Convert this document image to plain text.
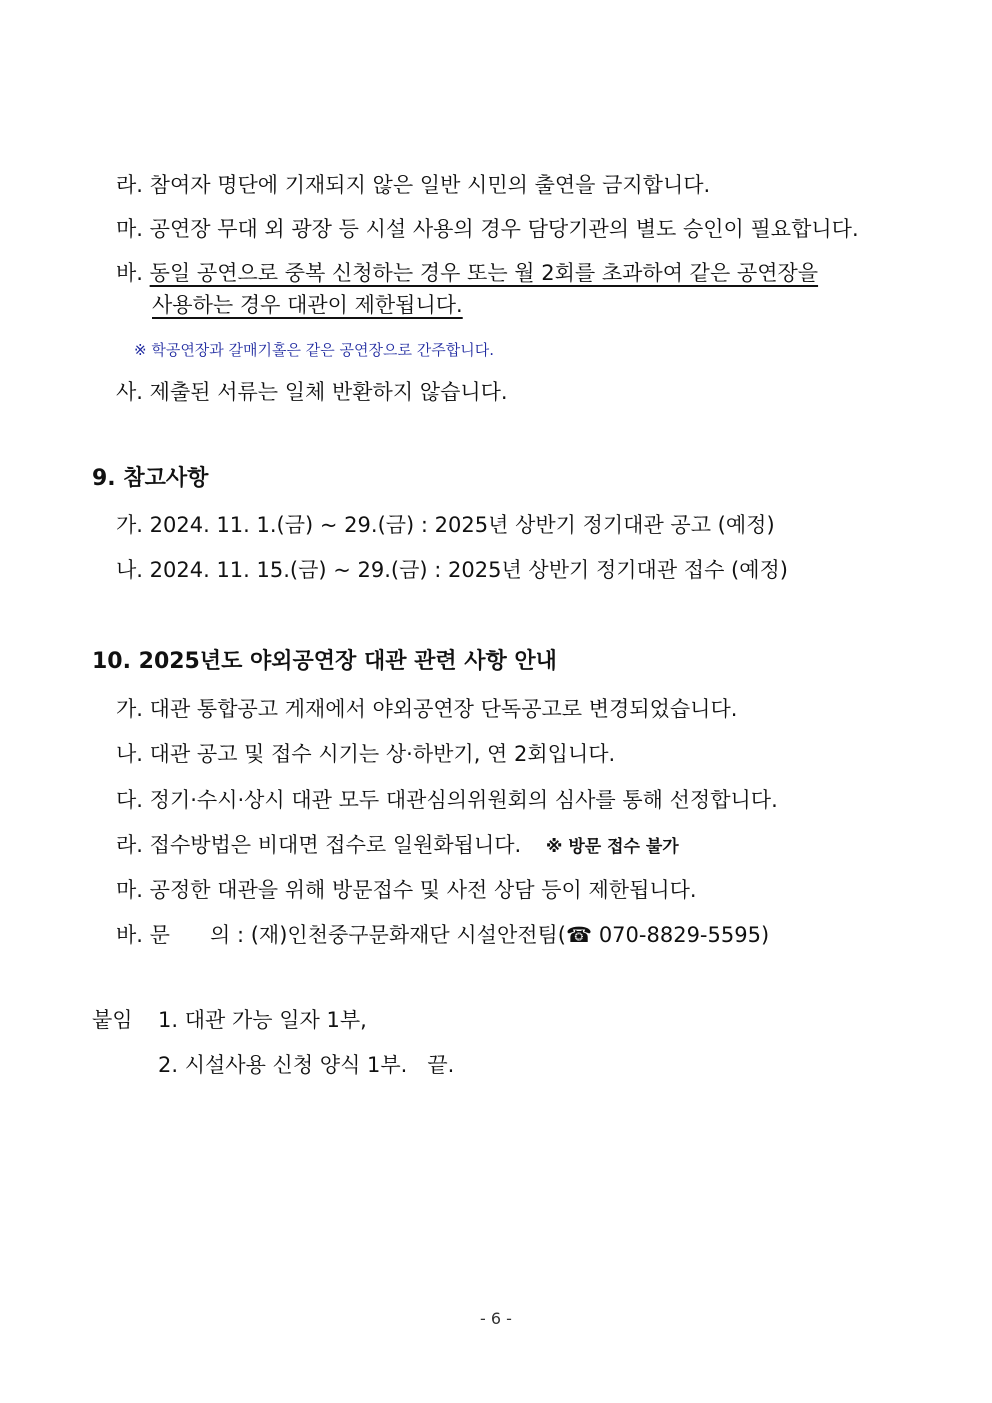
라. 참여자 명단에 기재되지 않은 일반 시민의 출연을 금지합니다.
마. 공연장 무대 외 광장 등 시설 사용의 경우 담당기관의 별도 승인이 필요합니다.
바. 동일 공연으로 중복 신청하는 경우 또는 월 2회를 초과하여 같은 공연장을
사용하는 경우 대관이 제한됩니다.
※ 학공연장과 갈매기홀은 같은 공연장으로 간주합니다.
사. 제출된 서류는 일체 반환하지 않습니다.
9. 참고사항
가. 2024. 11. 1.(금) ~ 29.(금) : 2025년 상반기 정기대관 공고 (예정)
나. 2024. 11. 15.(금) ~ 29.(금) : 2025년 상반기 정기대관 접수 (예정)
10. 2025년도 야외공연장 대관 관련 사항 안내
가. 대관 통합공고 게재에서 야외공연장 단독공고로 변경되었습니다.
나. 대관 공고 및 접수 시기는 상·하반기, 연 2회입니다.
다. 정기·수시·상시 대관 모두 대관심의위원회의 심사를 통해 선정합니다.
라. 접수방법은 비대면 접수로 일원화됩니다. ※ 방문 접수 불가
마. 공정한 대관을 위해 방문접수 및 사전 상담 등이 제한됩니다.
바. 문      의 : (재)인천중구문화재단 시설안전팀(☎ 070-8829-5595)
붙임 1. 대관 가능 일자 1부,
2. 시설사용 신청 양식 1부.   끝.
- 6 -
